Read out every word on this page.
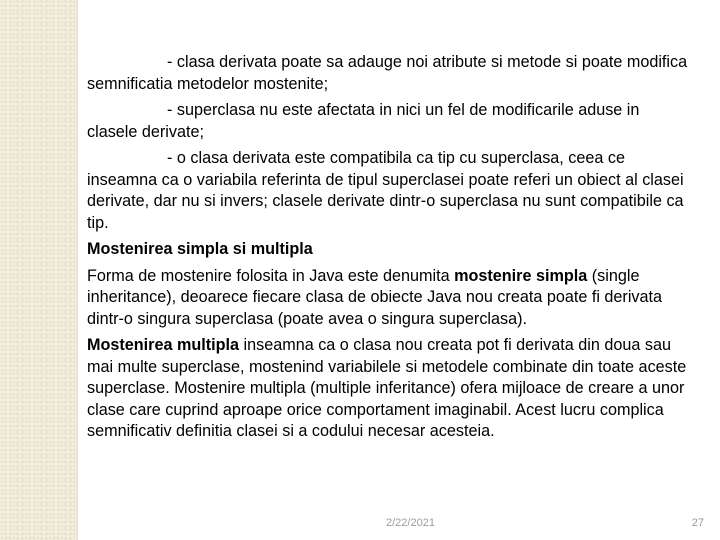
- clasa derivata poate sa adauge noi atribute si metode si poate modifica semnificatia metodelor mostenite;

- superclasa nu este afectata in nici un fel de modificarile aduse in clasele derivate;

- o clasa derivata este compatibila ca tip cu superclasa, ceea ce inseamna ca o variabila referinta de tipul superclasei poate referi un obiect al clasei derivate, dar nu si invers; clasele derivate dintr-o superclasa nu sunt compatibile ca tip.

Mostenirea simpla si multipla

Forma de mostenire folosita in Java este denumita mostenire simpla (single inheritance), deoarece fiecare clasa de obiecte Java nou creata poate fi derivata dintr-o singura superclasa (poate avea o singura superclasa).

Mostenirea multipla inseamna ca o clasa nou creata pot fi derivata din doua sau mai multe superclase, mostenind variabilele si metodele combinate din toate aceste superclase. Mostenire multipla (multiple inferitance) ofera mijloace de creare a unor clase care cuprind aproape orice comportament imaginabil. Acest lucru complica semnificativ definitia clasei si a codului necesar acesteia.

2/22/2021	27
